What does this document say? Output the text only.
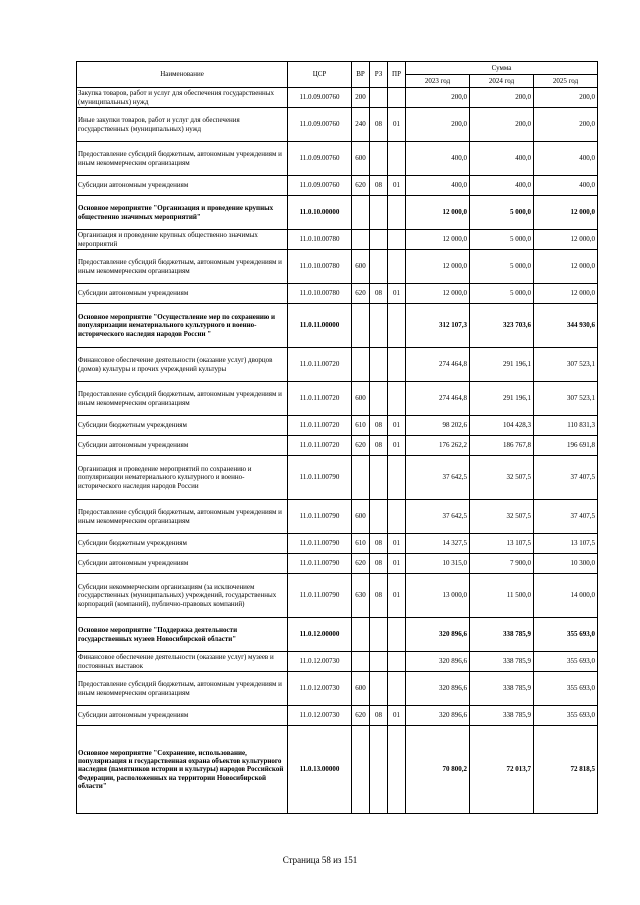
Наименование	ЦСР	ВР	РЗ	ПР	Сумма		
					2023 год	2024 год	2025 год
Закупка товаров, работ и услуг для обеспечения государственных (муниципальных) нужд	11.0.09.00760	200			200,0	200,0	200,0
Иные закупки товаров, работ и услуг для обеспечения государственных (муниципальных) нужд	11.0.09.00760	240	08	01	200,0	200,0	200,0
Предоставление субсидий бюджетным, автономным учреждениям и иным некоммерческим организациям	11.0.09.00760	600			400,0	400,0	400,0
Субсидии автономным учреждениям	11.0.09.00760	620	08	01	400,0	400,0	400,0
Основное мероприятие "Организация и проведение крупных общественно значимых мероприятий"	11.0.10.00000				12 000,0	5 000,0	12 000,0
Организация и проведение крупных общественно значимых мероприятий	11.0.10.00780				12 000,0	5 000,0	12 000,0
Предоставление субсидий бюджетным, автономным учреждениям и иным некоммерческим организациям	11.0.10.00780	600			12 000,0	5 000,0	12 000,0
Субсидии автономным учреждениям	11.0.10.00780	620	08	01	12 000,0	5 000,0	12 000,0
Основное мероприятие "Осуществление мер по сохранению и популяризации нематериального культурного и военно-исторического наследия народов России "	11.0.11.00000				312 107,3	323 703,6	344 930,6
Финансовое обеспечение деятельности (оказание услуг) дворцов (домов) культуры и прочих учреждений культуры	11.0.11.00720				274 464,8	291 196,1	307 523,1
Предоставление субсидий бюджетным, автономным учреждениям и иным некоммерческим организациям	11.0.11.00720	600			274 464,8	291 196,1	307 523,1
Субсидии бюджетным учреждениям	11.0.11.00720	610	08	01	98 202,6	104 428,3	110 831,3
Субсидии автономным учреждениям	11.0.11.00720	620	08	01	176 262,2	186 767,8	196 691,8
Организация и проведение мероприятий по сохранению и популяризации нематериального культурного и военно-исторического наследия народов России	11.0.11.00790				37 642,5	32 507,5	37 407,5
Предоставление субсидий бюджетным, автономным учреждениям и иным некоммерческим организациям	11.0.11.00790	600			37 642,5	32 507,5	37 407,5
Субсидии бюджетным учреждениям	11.0.11.00790	610	08	01	14 327,5	13 107,5	13 107,5
Субсидии автономным учреждениям	11.0.11.00790	620	08	01	10 315,0	7 900,0	10 300,0
Субсидии некоммерческим организациям (за исключением государственных (муниципальных) учреждений, государственных корпораций (компаний), публично-правовых компаний)	11.0.11.00790	630	08	01	13 000,0	11 500,0	14 000,0
Основное мероприятие "Поддержка деятельности государственных музеев Новосибирской области"	11.0.12.00000				320 896,6	338 785,9	355 693,0
Финансовое обеспечение деятельности (оказание услуг) музеев и постоянных выставок	11.0.12.00730				320 896,6	338 785,9	355 693,0
Предоставление субсидий бюджетным, автономным учреждениям и иным некоммерческим организациям	11.0.12.00730	600			320 896,6	338 785,9	355 693,0
Субсидии автономным учреждениям	11.0.12.00730	620	08	01	320 896,6	338 785,9	355 693,0
Основное мероприятие "Сохранение, использование, популяризация и государственная охрана объектов культурного наследия (памятников истории и культуры) народов Российской Федерации, расположенных на территории Новосибирской области"	11.0.13.00000				70 800,2	72 013,7	72 818,5
Страница 58 из 151
